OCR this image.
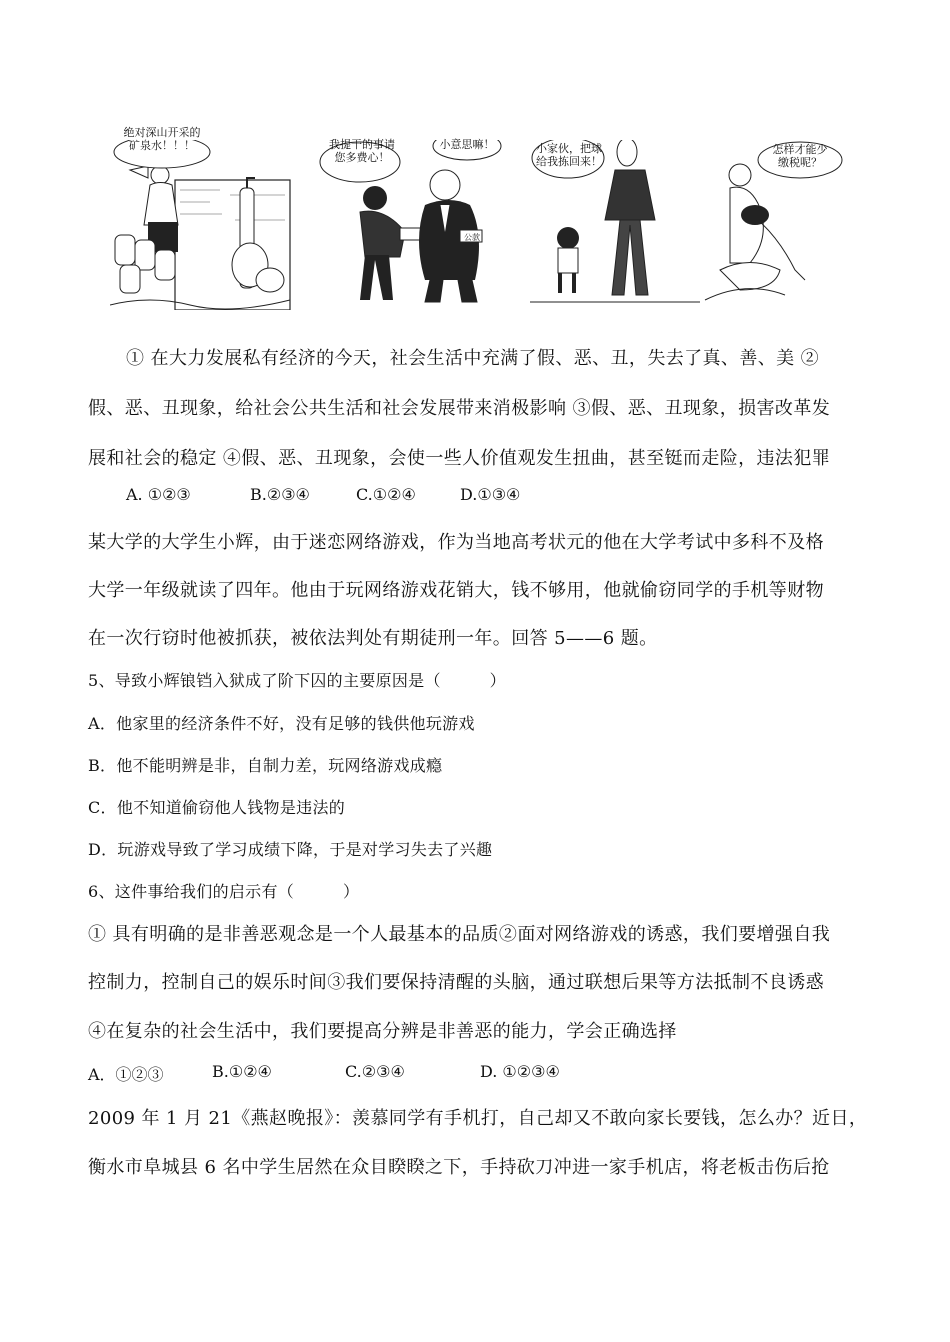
绝对深山开采的
矿泉水！！！	我提干的事请
您多费心！
小意思嘛！
公款
小家伙，把球
给我拣回来！
怎样才能少
缴税呢？
① 在大力发展私有经济的今天，社会生活中充满了假、恶、丑，失去了真、善、美 ②
假、恶、丑现象，给社会公共生活和社会发展带来消极影响 ③假、恶、丑现象，损害改革发
展和社会的稳定 ④假、恶、丑现象，会使一些人价值观发生扭曲，甚至铤而走险，违法犯罪
A. ①②③	B.②③④	C.①②④	D.①③④
某大学的大学生小辉，由于迷恋网络游戏，作为当地高考状元的他在大学考试中多科不及格
大学一年级就读了四年。他由于玩网络游戏花销大，钱不够用，他就偷窃同学的手机等财物
在一次行窃时他被抓获，被依法判处有期徒刑一年。回答 5——6 题。
5、导致小辉锒铛入狱成了阶下囚的主要原因是（　　　）
A．他家里的经济条件不好，没有足够的钱供他玩游戏
B．他不能明辨是非，自制力差，玩网络游戏成瘾
C．他不知道偷窃他人钱物是违法的
D．玩游戏导致了学习成绩下降，于是对学习失去了兴趣
6、这件事给我们的启示有（　　　）
① 具有明确的是非善恶观念是一个人最基本的品质②面对网络游戏的诱惑，我们要增强自我
控制力，控制自己的娱乐时间③我们要保持清醒的头脑，通过联想后果等方法抵制不良诱惑
④在复杂的社会生活中，我们要提高分辨是非善恶的能力，学会正确选择
A．①②③	B.①②④	C.②③④	D. ①②③④
2009 年 1 月 21《燕赵晚报》：羡慕同学有手机打，自己却又不敢向家长要钱，怎么办？近日，
衡水市阜城县 6 名中学生居然在众目睽睽之下，手持砍刀冲进一家手机店，将老板击伤后抢
